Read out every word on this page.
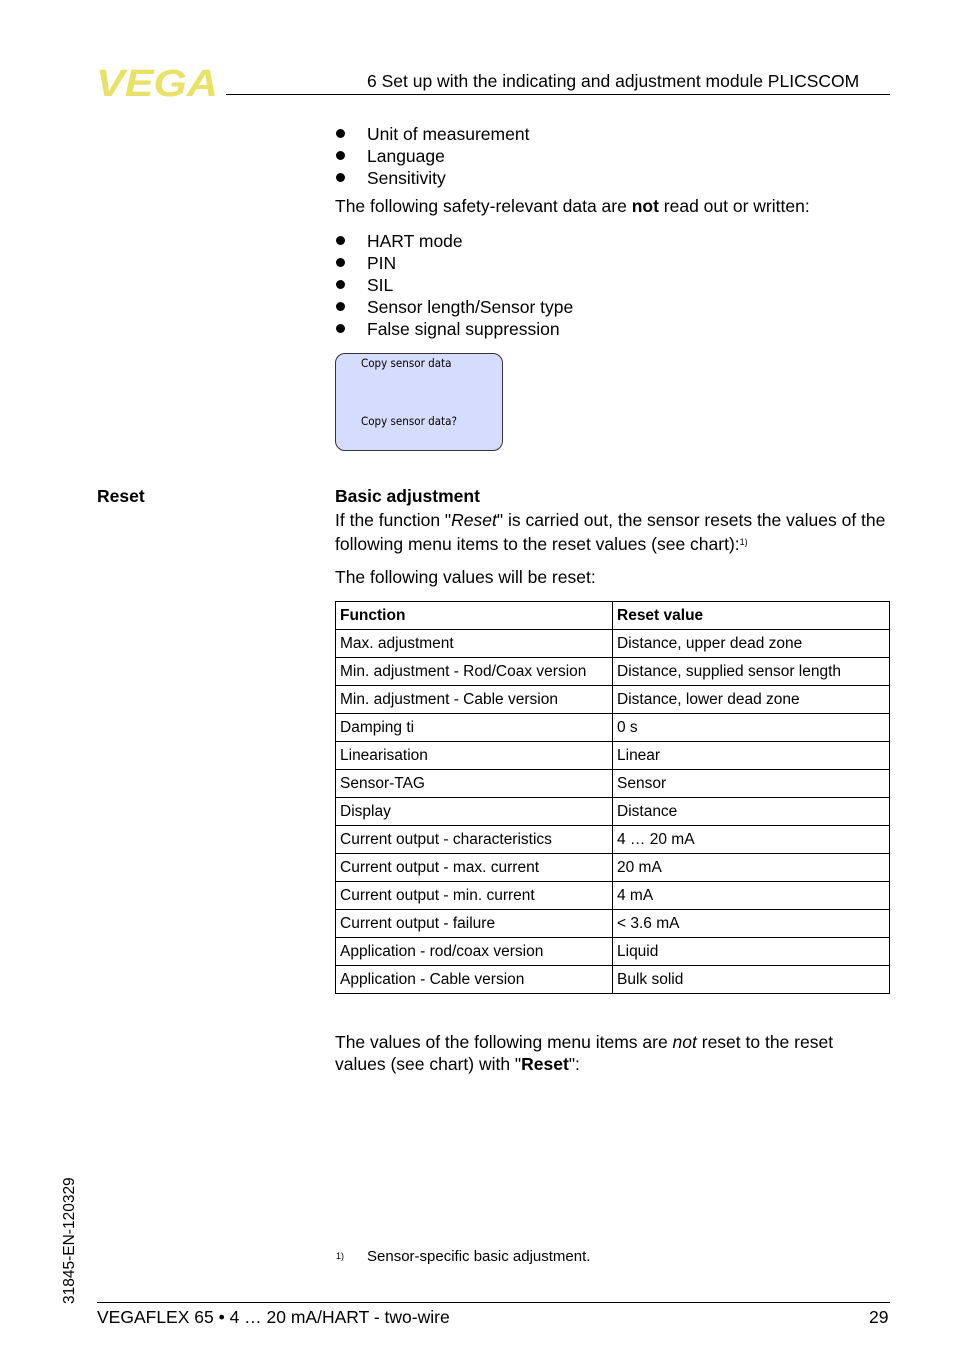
VEGA	6 Set up with the indicating and adjustment module PLICSCOM
Unit of measurement
Language
Sensitivity
The following safety-relevant data are not read out or written:
HART mode
PIN
SIL
Sensor length/Sensor type
False signal suppression
Copy sensor data
Copy sensor data?
Reset	Basic adjustment
If the function "Reset" is carried out, the sensor resets the values of the following menu items to the reset values (see chart):$^{1)}$
The following values will be reset:
Function	Reset value
Max. adjustment	Distance, upper dead zone
Min. adjustment - Rod/Coax version	Distance, supplied sensor length
Min. adjustment - Cable version	Distance, lower dead zone
Damping ti	0 s
Linearisation	Linear
Sensor-TAG	Sensor
Display	Distance
Current output - characteristics	4 … 20 mA
Current output - max. current	20 mA
Current output - min. current	4 mA
Current output - failure	< 3.6 mA
Application - rod/coax version	Liquid
Application - Cable version	Bulk solid
The values of the following menu items are not reset to the reset values (see chart) with "Reset":
31845-EN-120329	1) Sensor-specific basic adjustment.
VEGAFLEX 65 • 4 … 20 mA/HART - two-wire	29
